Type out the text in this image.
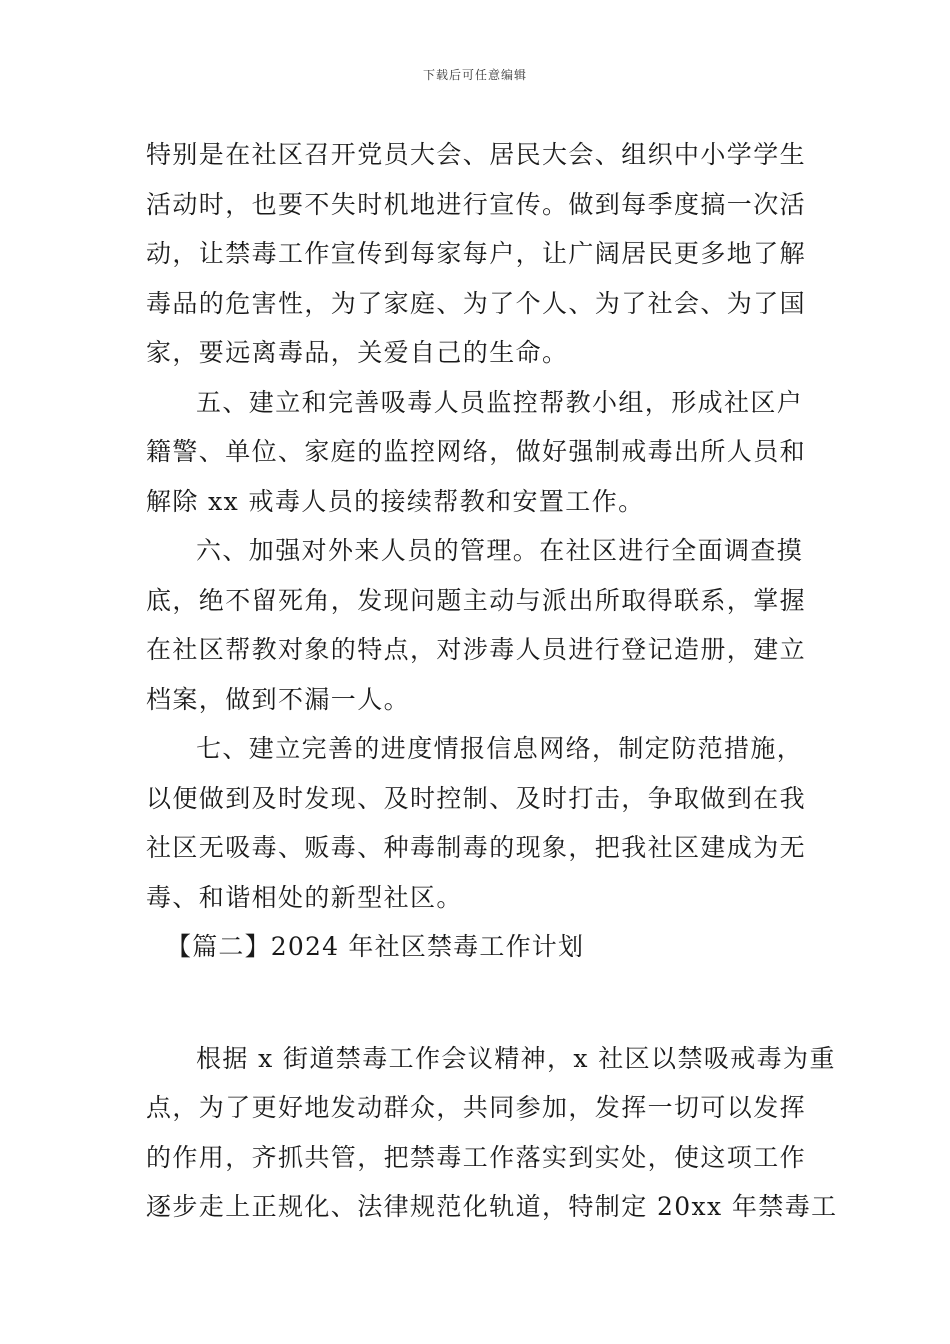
下载后可任意编辑
特别是在社区召开党员大会、居民大会、组织中小学学生
活动时，也要不失时机地进行宣传。做到每季度搞一次活
动，让禁毒工作宣传到每家每户，让广阔居民更多地了解
毒品的危害性，为了家庭、为了个人、为了社会、为了国
家，要远离毒品，关爱自己的生命。
五、建立和完善吸毒人员监控帮教小组，形成社区户
籍警、单位、家庭的监控网络，做好强制戒毒出所人员和
解除 xx 戒毒人员的接续帮教和安置工作。
六、加强对外来人员的管理。在社区进行全面调查摸
底，绝不留死角，发现问题主动与派出所取得联系，掌握
在社区帮教对象的特点，对涉毒人员进行登记造册，建立
档案，做到不漏一人。
七、建立完善的进度情报信息网络，制定防范措施，
以便做到及时发现、及时控制、及时打击，争取做到在我
社区无吸毒、贩毒、种毒制毒的现象，把我社区建成为无
毒、和谐相处的新型社区。
【篇二】2024 年社区禁毒工作计划
根据 x 街道禁毒工作会议精神，x 社区以禁吸戒毒为重
点，为了更好地发动群众，共同参加，发挥一切可以发挥
的作用，齐抓共管，把禁毒工作落实到实处，使这项工作
逐步走上正规化、法律规范化轨道，特制定 20xx 年禁毒工
